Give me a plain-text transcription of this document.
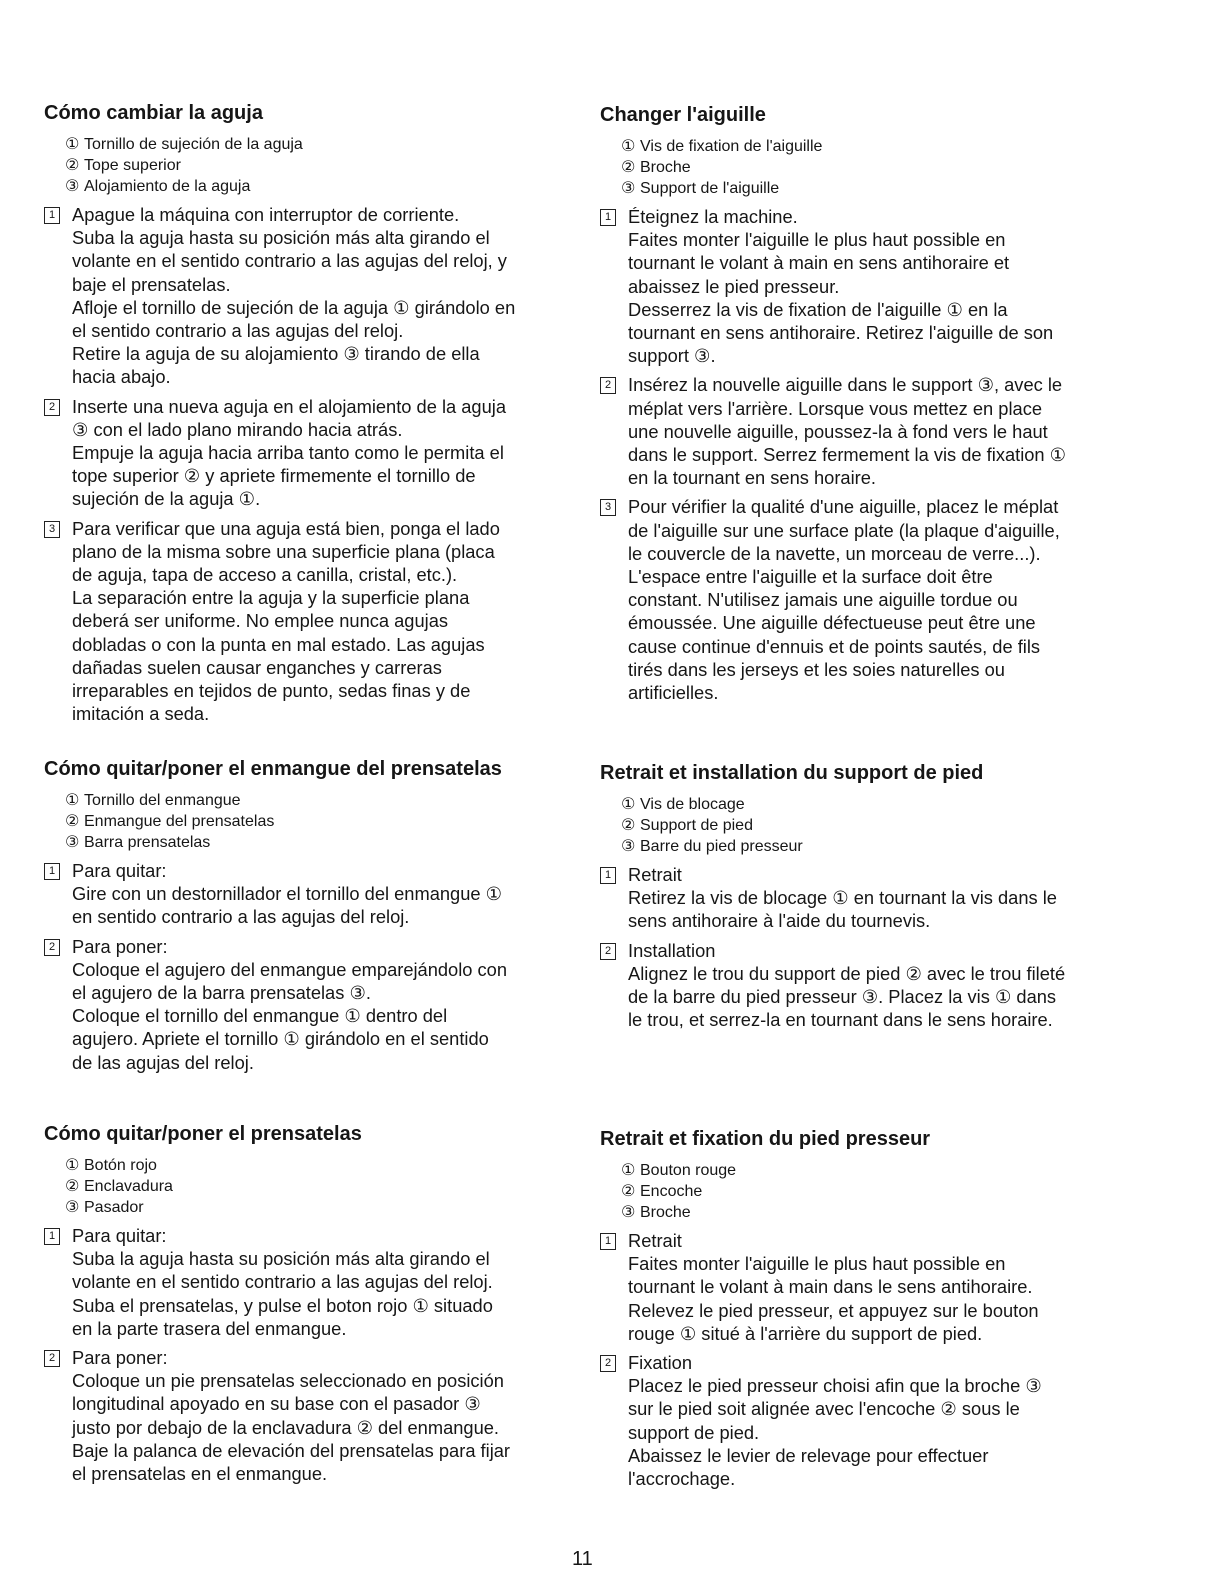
Cómo cambiar la aguja
① Tornillo de sujeción de la aguja
② Tope superior
③ Alojamiento de la aguja
1 Apague la máquina con interruptor de corriente.

Suba la aguja hasta su posición más alta girando el

volante en el sentido contrario a las agujas del reloj, y

baje el prensatelas.

Afloje el tornillo de sujeción de la aguja ① girándolo en

el sentido contrario a las agujas del reloj.

Retire la aguja de su alojamiento ③ tirando de ella

hacia abajo.

2 Inserte una nueva aguja en el alojamiento de la aguja

③ con el lado plano mirando hacia atrás.

Empuje la aguja hacia arriba tanto como le permita el

tope superior ② y apriete firmemente el tornillo de

sujeción de la aguja ①.

3 Para verificar que una aguja está bien, ponga el lado

plano de la misma sobre una superficie plana (placa

de aguja, tapa de acceso a canilla, cristal, etc.).

La separación entre la aguja y la superficie plana

deberá ser uniforme. No emplee nunca agujas

dobladas o con la punta en mal estado. Las agujas

dañadas suelen causar enganches y carreras

irreparables en tejidos de punto, sedas finas y de

imitación a seda.

Cómo quitar/poner el enmangue del prensatelas
① Tornillo del enmangue
② Enmangue del prensatelas
③ Barra prensatelas
1 Para quitar:

Gire con un destornillador el tornillo del enmangue ①

en sentido contrario a las agujas del reloj.

2 Para poner:

Coloque el agujero del enmangue emparejándolo con

el agujero de la barra prensatelas ③.

Coloque el tornillo del enmangue ① dentro del

agujero. Apriete el tornillo ① girándolo en el sentido

de las agujas del reloj.

Cómo quitar/poner el prensatelas
① Botón rojo
② Enclavadura
③ Pasador
1 Para quitar:

Suba la aguja hasta su posición más alta girando el

volante en el sentido contrario a las agujas del reloj.

Suba el prensatelas, y pulse el boton rojo ① situado

en la parte trasera del enmangue.

2 Para poner:

Coloque un pie prensatelas seleccionado en posición

longitudinal apoyado en su base con el pasador ③

justo por debajo de la enclavadura ② del enmangue.

Baje la palanca de elevación del prensatelas para fijar

el prensatelas en el enmangue.

Changer l'aiguille
① Vis de fixation de l'aiguille
② Broche
③ Support de l'aiguille
1 Éteignez la machine.

Faites monter l'aiguille le plus haut possible en

tournant le volant à main en sens antihoraire et

abaissez le pied presseur.

Desserrez la vis de fixation de l'aiguille ① en la

tournant en sens antihoraire. Retirez l'aiguille de son

support ③.

2 Insérez la nouvelle aiguille dans le support ③, avec le

méplat vers l'arrière. Lorsque vous mettez en place

une nouvelle aiguille, poussez-la à fond vers le haut

dans le support. Serrez fermement la vis de fixation ①

en la tournant en sens horaire.

3 Pour vérifier la qualité d'une aiguille, placez le méplat

de l'aiguille sur une surface plate (la plaque d'aiguille,

le couvercle de la navette, un morceau de verre...).

L'espace entre l'aiguille et la surface doit être

constant. N'utilisez jamais une aiguille tordue ou

émoussée. Une aiguille défectueuse peut être une

cause continue d'ennuis et de points sautés, de fils

tirés dans les jerseys et les soies naturelles ou

artificielles.

Retrait et installation du support de pied
① Vis de blocage
② Support de pied
③ Barre du pied presseur
1 Retrait

Retirez la vis de blocage ① en tournant la vis dans le

sens antihoraire à l'aide du tournevis.

2 Installation

Alignez le trou du support de pied ② avec le trou fileté

de la barre du pied presseur ③. Placez la vis ① dans

le trou, et serrez-la en tournant dans le sens horaire.

Retrait et fixation du pied presseur
① Bouton rouge
② Encoche
③ Broche
1 Retrait

Faites monter l'aiguille le plus haut possible en

tournant le volant à main dans le sens antihoraire.

Relevez le pied presseur, et appuyez sur le bouton

rouge ① situé à l'arrière du support de pied.

2 Fixation

Placez le pied presseur choisi afin que la broche ③

sur le pied soit alignée avec l'encoche ② sous le

support de pied.

Abaissez le levier de relevage pour effectuer

l'accrochage.

11
